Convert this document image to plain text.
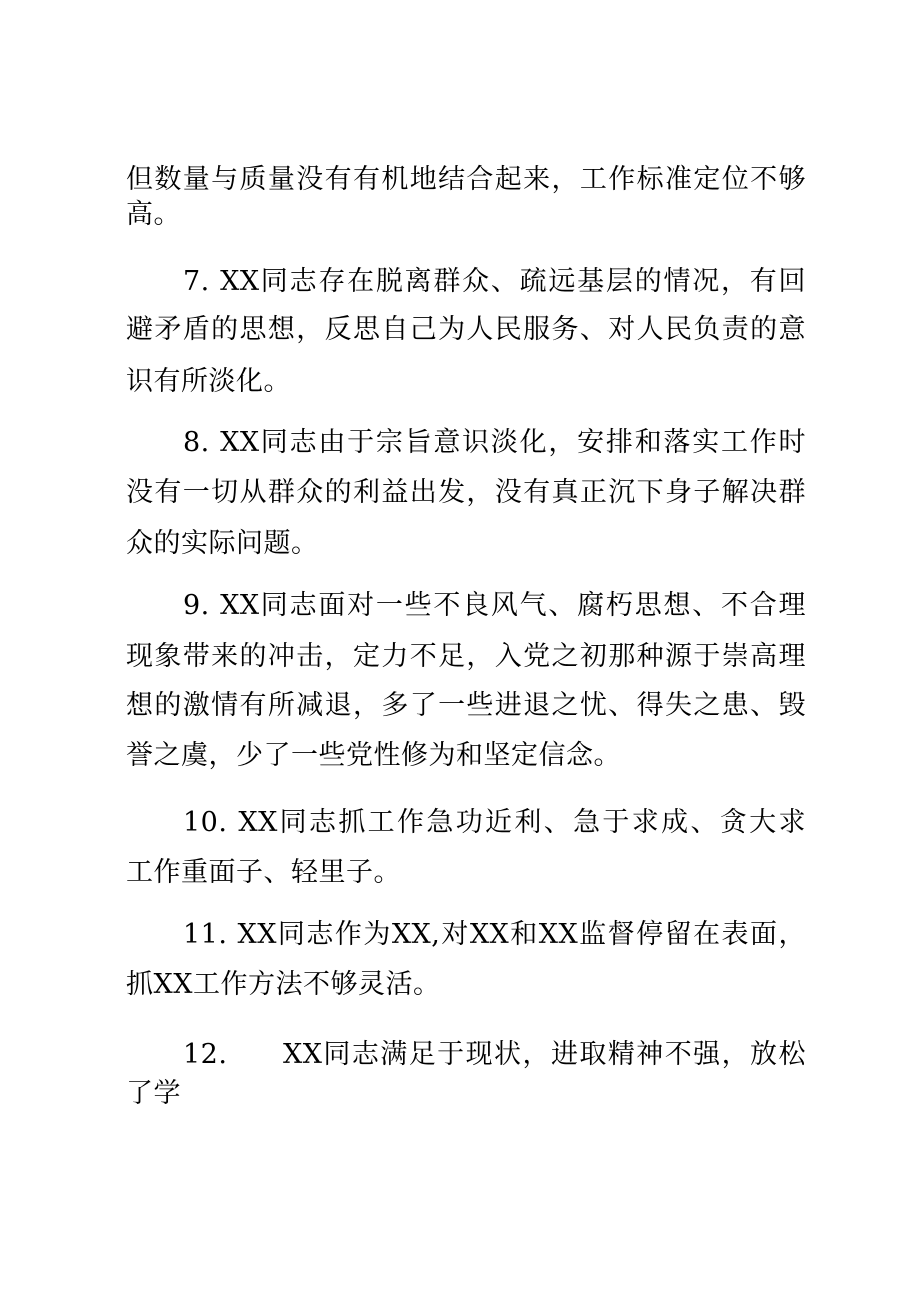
但数量与质量没有有机地结合起来，工作标准定位不够
高。
7. XX同志存在脱离群众、疏远基层的情况，有回
避矛盾的思想，反思自己为人民服务、对人民负责的意
识有所淡化。
8. XX同志由于宗旨意识淡化，安排和落实工作时
没有一切从群众的利益出发，没有真正沉下身子解决群
众的实际问题。
9. XX同志面对一些不良风气、腐朽思想、不合理
现象带来的冲击，定力不足，入党之初那种源于崇高理
想的激情有所减退，多了一些进退之忧、得失之患、毁
誉之虞，少了一些党性修为和坚定信念。
10. XX同志抓工作急功近利、急于求成、贪大求
工作重面子、轻里子。
11. XX同志作为XX,对XX和XX监督停留在表面，
抓XX工作方法不够灵活。
12.	XX同志满足于现状，进取精神不强，放松
了学
